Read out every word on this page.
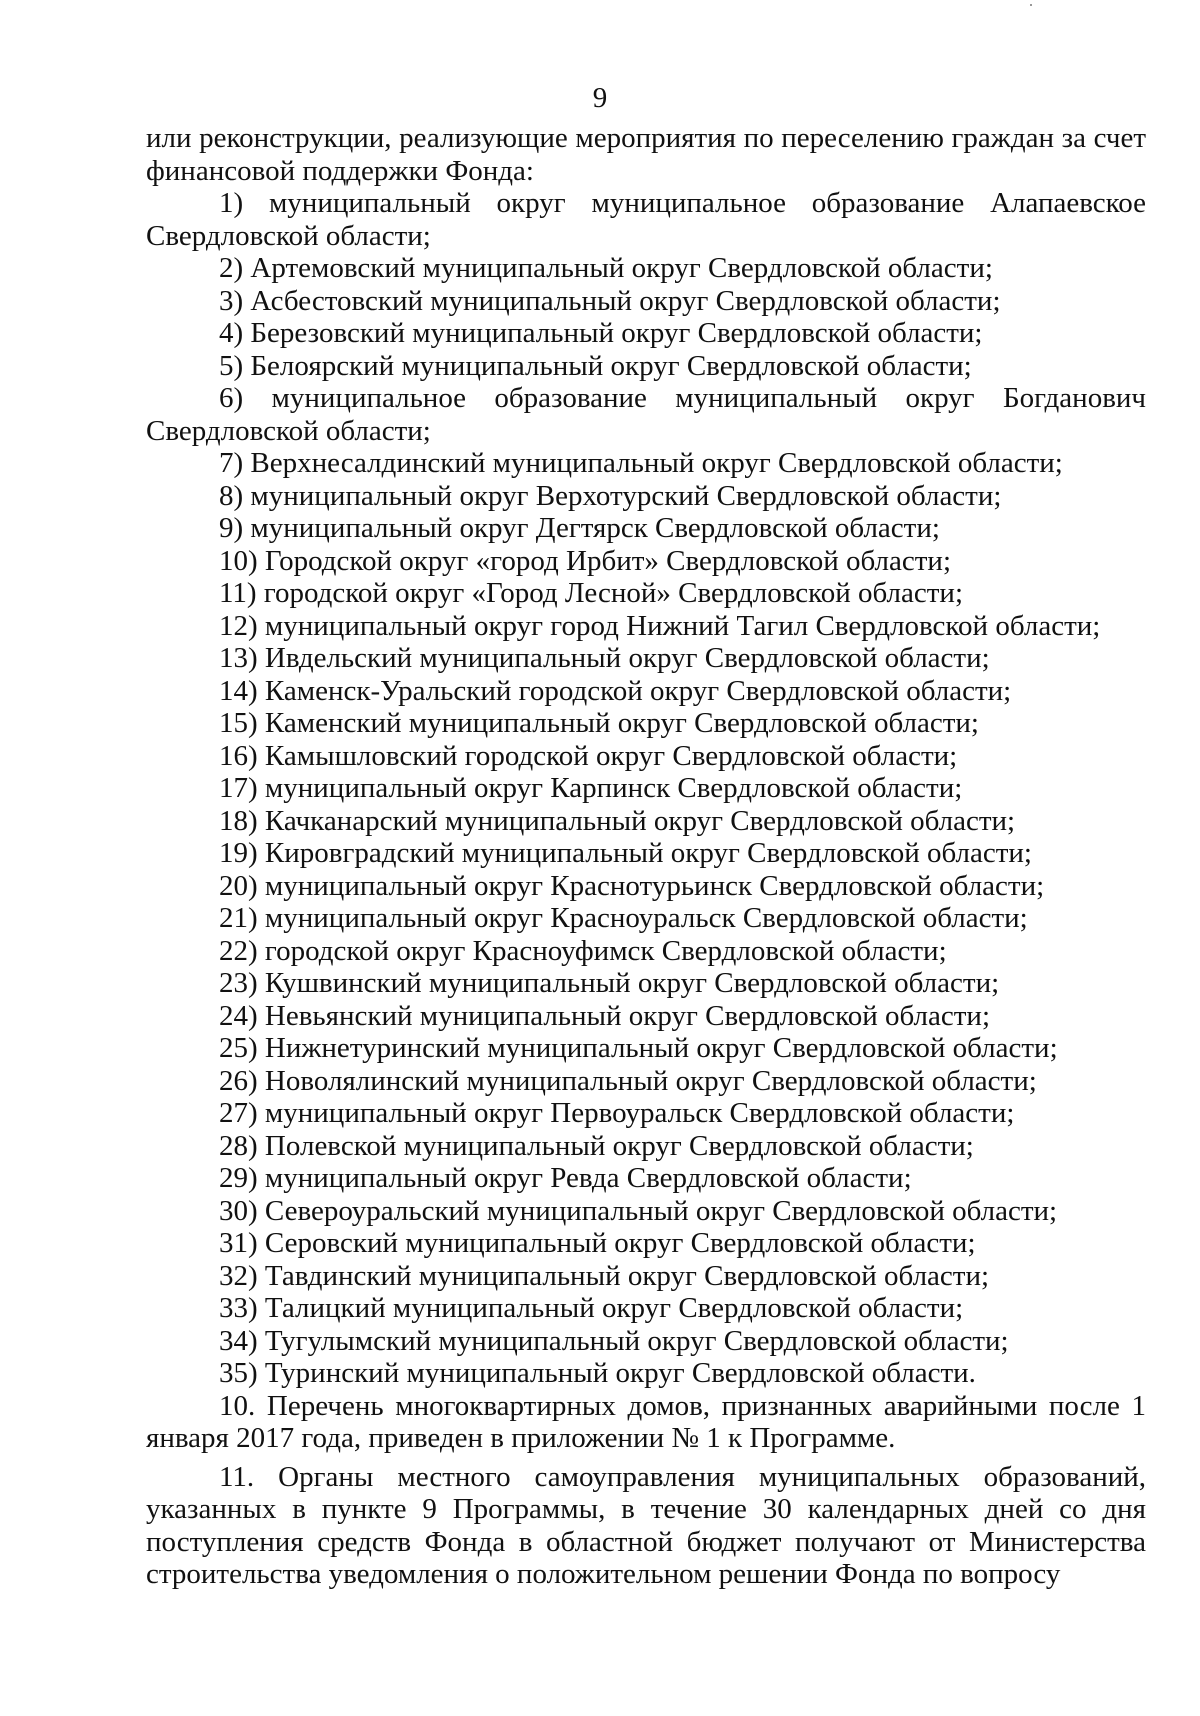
9

или реконструкции, реализующие мероприятия по переселению граждан за счет финансовой поддержки Фонда:

1) муниципальный округ муниципальное образование Алапаевское Свердловской области;

2) Артемовский муниципальный округ Свердловской области;

3) Асбестовский муниципальный округ Свердловской области;

4) Березовский муниципальный округ Свердловской области;

5) Белоярский муниципальный округ Свердловской области;

6) муниципальное образование муниципальный округ Богданович Свердловской области;

7) Верхнесалдинский муниципальный округ Свердловской области;

8) муниципальный округ Верхотурский Свердловской области;

9) муниципальный округ Дегтярск Свердловской области;

10) Городской округ «город Ирбит» Свердловской области;

11) городской округ «Город Лесной» Свердловской области;

12) муниципальный округ город Нижний Тагил Свердловской области;

13) Ивдельский муниципальный округ Свердловской области;

14) Каменск-Уральский городской округ Свердловской области;

15) Каменский муниципальный округ Свердловской области;

16) Камышловский городской округ Свердловской области;

17) муниципальный округ Карпинск Свердловской области;

18) Качканарский муниципальный округ Свердловской области;

19) Кировградский муниципальный округ Свердловской области;

20) муниципальный округ Краснотурьинск Свердловской области;

21) муниципальный округ Красноуральск Свердловской области;

22) городской округ Красноуфимск Свердловской области;

23) Кушвинский муниципальный округ Свердловской области;

24) Невьянский муниципальный округ Свердловской области;

25) Нижнетуринский муниципальный округ Свердловской области;

26) Новолялинский муниципальный округ Свердловской области;

27) муниципальный округ Первоуральск Свердловской области;

28) Полевской муниципальный округ Свердловской области;

29) муниципальный округ Ревда Свердловской области;

30) Североуральский муниципальный округ Свердловской области;

31) Серовский муниципальный округ Свердловской области;

32) Тавдинский муниципальный округ Свердловской области;

33) Талицкий муниципальный округ Свердловской области;

34) Тугулымский муниципальный округ Свердловской области;

35) Туринский муниципальный округ Свердловской области.

10. Перечень многоквартирных домов, признанных аварийными после 1 января 2017 года, приведен в приложении № 1 к Программе.

11. Органы местного самоуправления муниципальных образований, указанных в пункте 9 Программы, в течение 30 календарных дней со дня поступления средств Фонда в областной бюджет получают от Министерства строительства уведомления о положительном решении Фонда по вопросу
